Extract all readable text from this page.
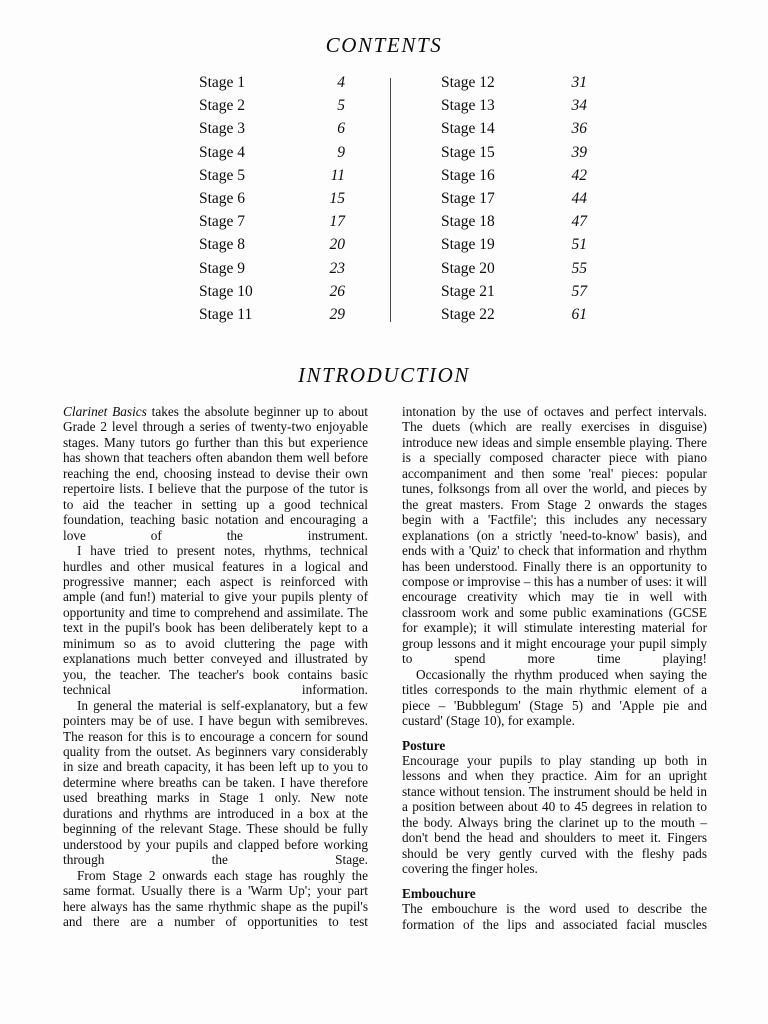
CONTENTS
Stage 1	4
Stage 2	5
Stage 3	6
Stage 4	9
Stage 5	11
Stage 6	15
Stage 7	17
Stage 8	20
Stage 9	23
Stage 10	26
Stage 11	29
Stage 12	31
Stage 13	34
Stage 14	36
Stage 15	39
Stage 16	42
Stage 17	44
Stage 18	47
Stage 19	51
Stage 20	55
Stage 21	57
Stage 22	61
INTRODUCTION

Clarinet Basics takes the absolute beginner up to about Grade 2 level through a series of twenty-two enjoyable stages. Many tutors go further than this but experience has shown that teachers often abandon them well before reaching the end, choosing instead to devise their own repertoire lists. I believe that the purpose of the tutor is to aid the teacher in setting up a good technical foundation, teaching basic notation and encouraging a love of the instrument.

I have tried to present notes, rhythms, technical hurdles and other musical features in a logical and progressive manner; each aspect is reinforced with ample (and fun!) material to give your pupils plenty of opportunity and time to comprehend and assimilate. The text in the pupil's book has been deliberately kept to a minimum so as to avoid cluttering the page with explanations much better conveyed and illustrated by you, the teacher. The teacher's book contains basic technical information.

In general the material is self-explanatory, but a few pointers may be of use. I have begun with semibreves. The reason for this is to encourage a concern for sound quality from the outset. As beginners vary considerably in size and breath capacity, it has been left up to you to determine where breaths can be taken. I have therefore used breathing marks in Stage 1 only. New note durations and rhythms are introduced in a box at the beginning of the relevant Stage. These should be fully understood by your pupils and clapped before working through the Stage.

From Stage 2 onwards each stage has roughly the same format. Usually there is a 'Warm Up'; your part here always has the same rhythmic shape as the pupil's and there are a number of opportunities to test

intonation by the use of octaves and perfect intervals. The duets (which are really exercises in disguise) introduce new ideas and simple ensemble playing. There is a specially composed character piece with piano accompaniment and then some 'real' pieces: popular tunes, folksongs from all over the world, and pieces by the great masters. From Stage 2 onwards the stages begin with a 'Factfile'; this includes any necessary explanations (on a strictly 'need-to-know' basis), and ends with a 'Quiz' to check that information and rhythm has been understood. Finally there is an opportunity to compose or improvise – this has a number of uses: it will encourage creativity which may tie in well with classroom work and some public examinations (GCSE for example); it will stimulate interesting material for group lessons and it might encourage your pupil simply to spend more time playing!

Occasionally the rhythm produced when saying the titles corresponds to the main rhythmic element of a piece – 'Bubblegum' (Stage 5) and 'Apple pie and custard' (Stage 10), for example.

Posture

Encourage your pupils to play standing up both in lessons and when they practice. Aim for an upright stance without tension. The instrument should be held in a position between about 40 to 45 degrees in relation to the body. Always bring the clarinet up to the mouth – don't bend the head and shoulders to meet it. Fingers should be very gently curved with the fleshy pads covering the finger holes.

Embouchure

The embouchure is the word used to describe the formation of the lips and associated facial muscles
